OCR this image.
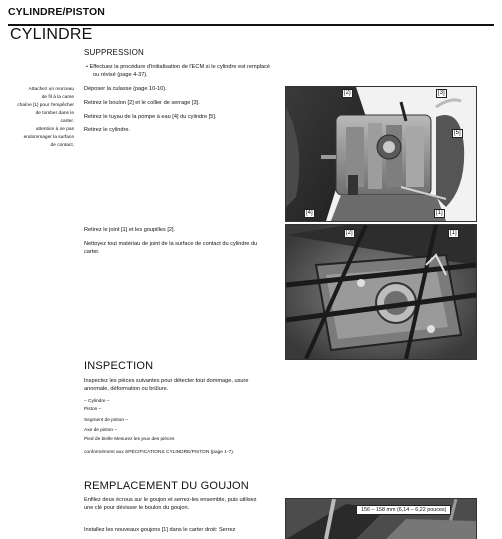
CYLINDRE/PISTON
CYLINDRE
SUPPRESSION
• Effectuez la procédure d'initialisation de l'ECM si le cylindre est remplacé
ou révisé (page 4-37).
Déposer la culasse (page 10-10).
Retirez le boulon [2] et le collier de serrage [3].
Retirez le tuyau de la pompe à eau [4] du cylindre [5].
Retirez le cylindre.
Attachez un morceau
de fil à la came
chaîne [1] pour l'empêcher
de tomber dans le
carter.
attention à ne pas
endommager la surface
de contact.
[2]	[3]
[5]
[4]	[1]
Retirez le joint [1] et les goupilles [2].
Nettoyez tout matériau de joint de la surface de contact du cylindre du
carter.
[2]	[1]
INSPECTION
Inspectez les pièces suivantes pour détecter tout dommage, usure
anormale, déformation ou brûlure.
– Cylindre –
Piston –
Segment de piston –
Axe de piston –
Pied de bielle Mesurez les jeux des pièces
conformément aux SPÉCIFICATIONS CYLINDRE/PISTON (page 1-7).
REMPLACEMENT DU GOUJON
Enfilez deux écrous sur le goujon et serrez-les ensemble, puis utilisez
une clé pour dévisser le boulon du goujon.
Installez les nouveaux goujons [1] dans le carter droit: Serrez
156 – 158 mm (6,14 – 6,22 pouces)
